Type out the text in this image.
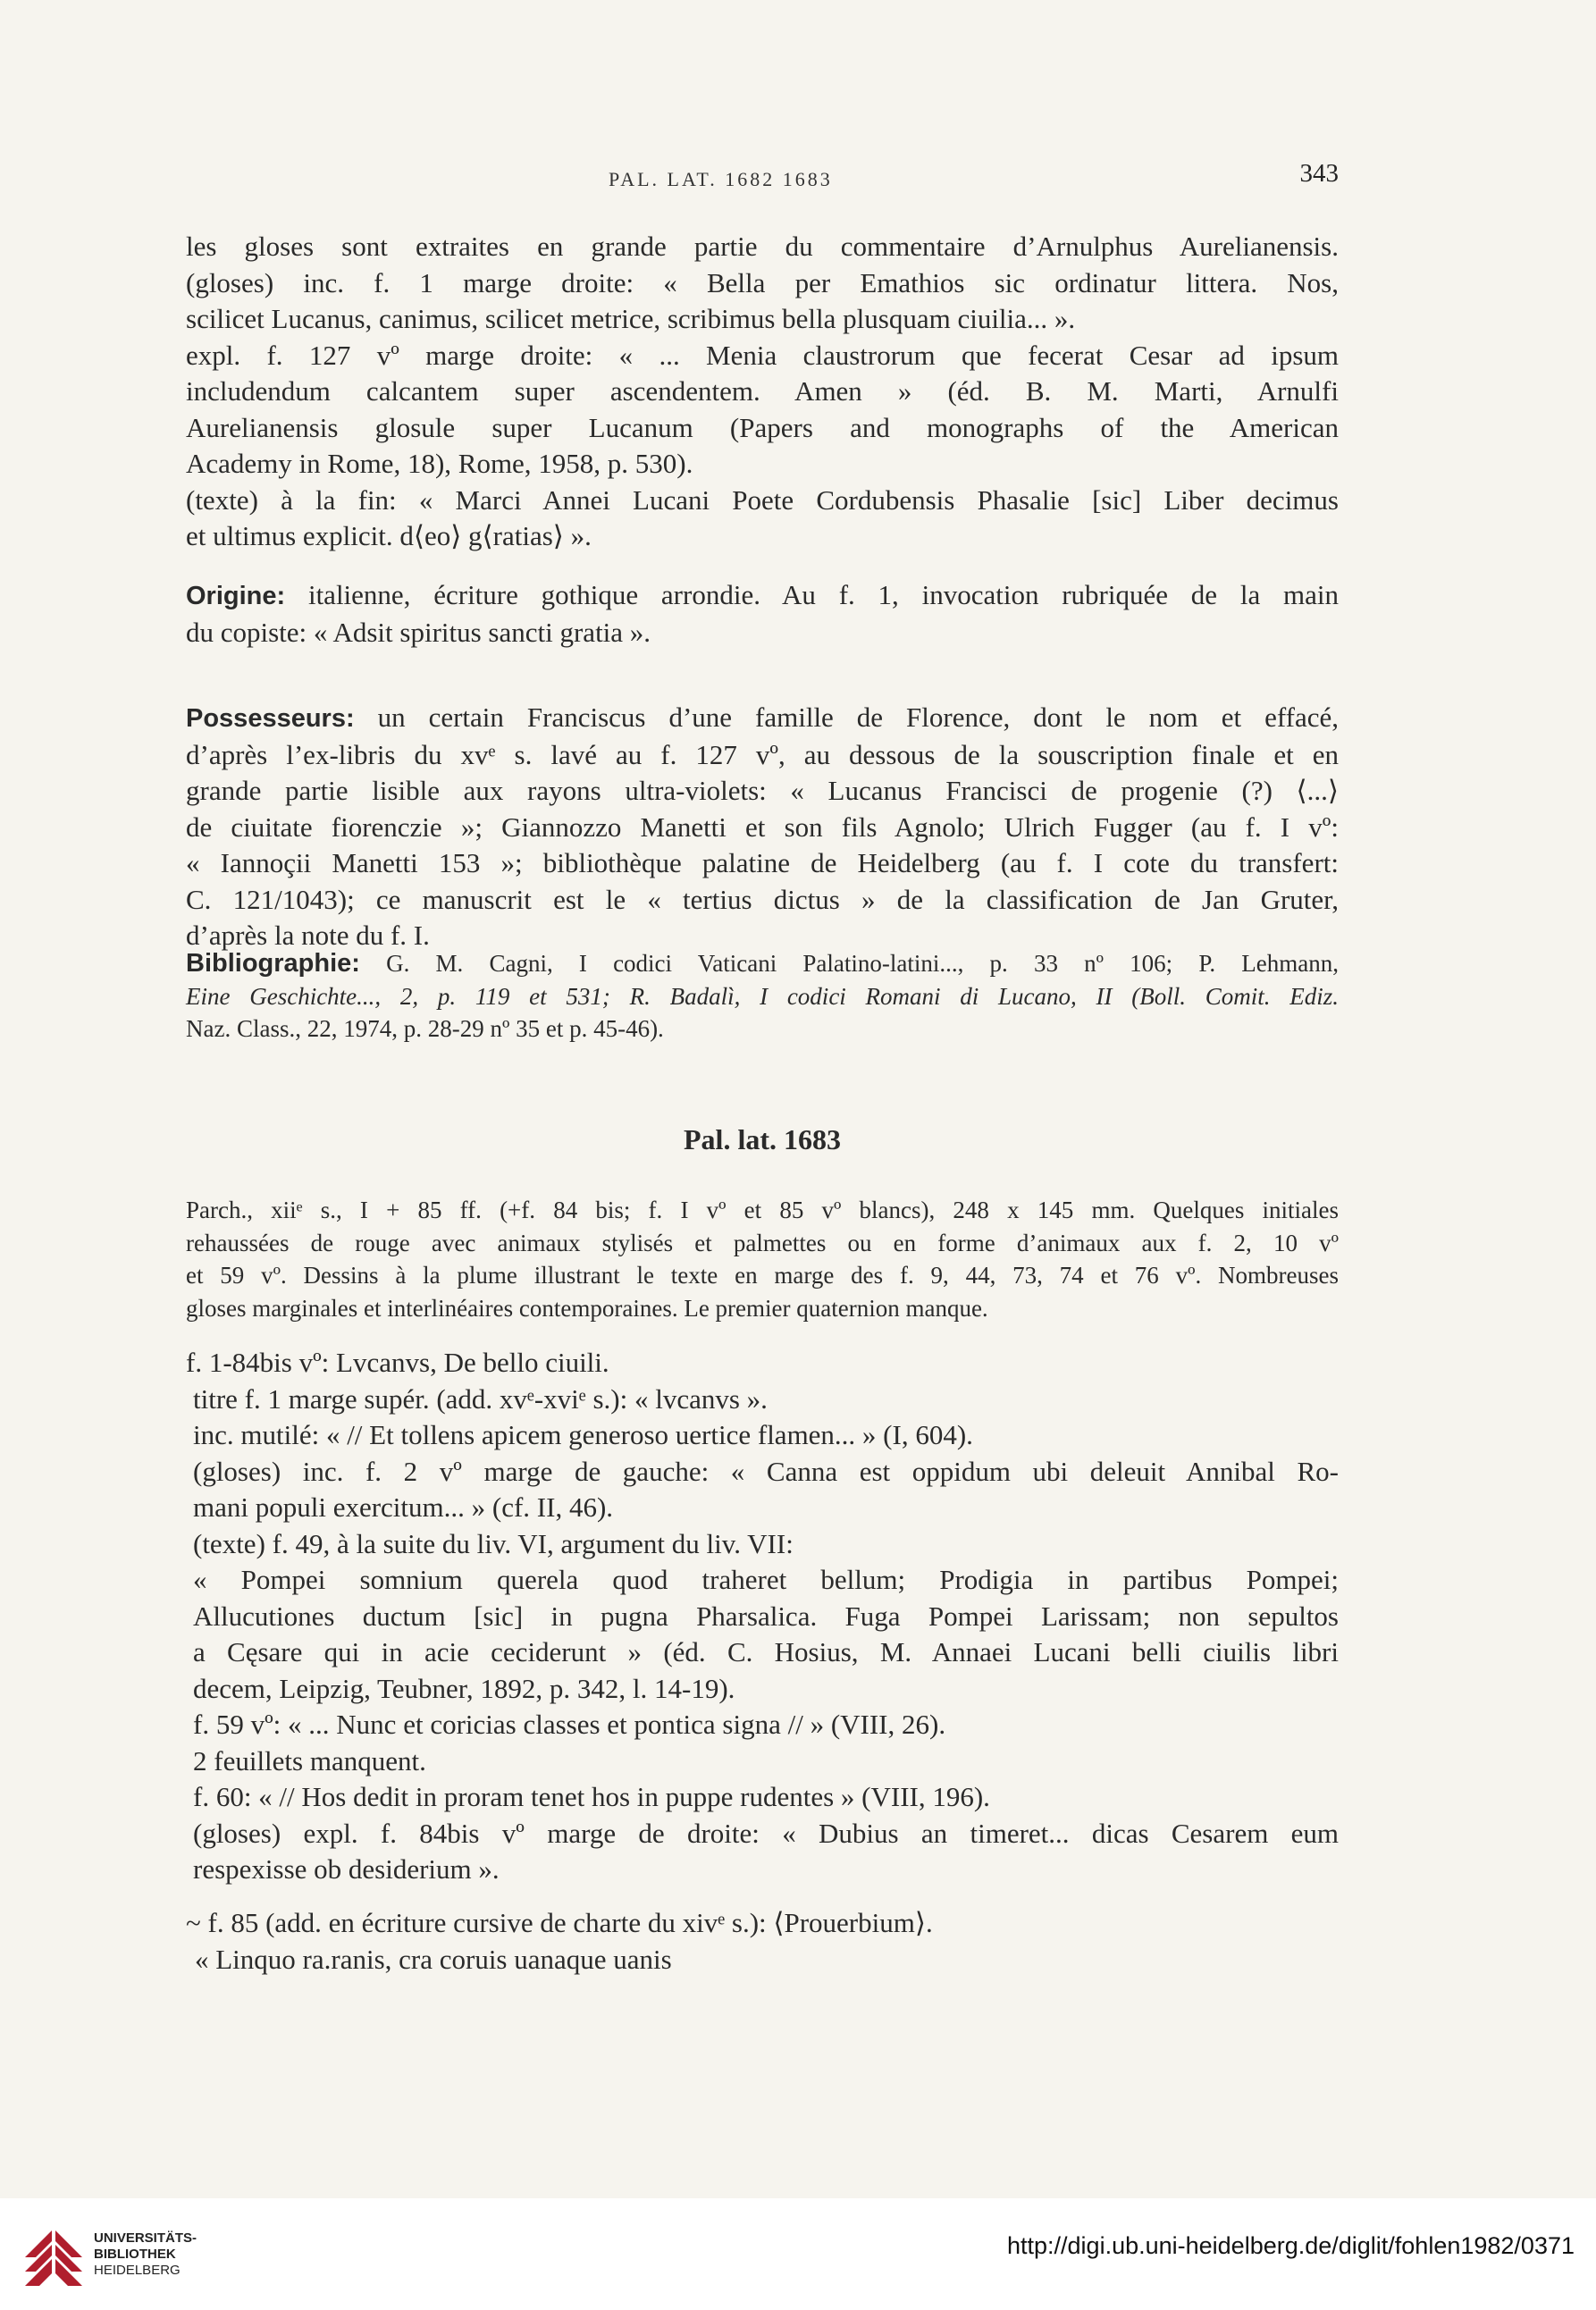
PAL. LAT. 1682 1683	343
les gloses sont extraites en grande partie du commentaire d’Arnulphus Aurelianensis.
(gloses) inc. f. 1 marge droite: « Bella per Emathios sic ordinatur littera. Nos,
scilicet Lucanus, canimus, scilicet metrice, scribimus bella plusquam ciuilia... ».
expl. f. 127 vº marge droite: « ... Menia claustrorum que fecerat Cesar ad ipsum
includendum calcantem super ascendentem. Amen » (éd. B. M. Marti, Arnulfi
Aurelianensis glosule super Lucanum (Papers and monographs of the American
Academy in Rome, 18), Rome, 1958, p. 530).
(texte) à la fin: « Marci Annei Lucani Poete Cordubensis Phasalie [sic] Liber decimus
et ultimus explicit. d⟨eo⟩ g⟨ratias⟩ ».
Origine: italienne, écriture gothique arrondie. Au f. 1, invocation rubriquée de la main
du copiste: « Adsit spiritus sancti gratia ».
Possesseurs: un certain Franciscus d’une famille de Florence, dont le nom et effacé,
d’après l’ex-libris du xvᵉ s. lavé au f. 127 vº, au dessous de la souscription finale et en
grande partie lisible aux rayons ultra-violets: « Lucanus Francisci de progenie (?) ⟨...⟩
de ciuitate fiorenczie »; Giannozzo Manetti et son fils Agnolo; Ulrich Fugger (au f. I vº:
« Iannoçii Manetti 153 »; bibliothèque palatine de Heidelberg (au f. I cote du transfert:
C. 121/1043); ce manuscrit est le « tertius dictus » de la classification de Jan Gruter,
d’après la note du f. I.
Bibliographie: G. M. Cagni, I codici Vaticani Palatino-latini..., p. 33 nº 106; P. Lehmann,
Eine Geschichte..., 2, p. 119 et 531; R. Badalì, I codici Romani di Lucano, II (Boll. Comit. Ediz.
Naz. Class., 22, 1974, p. 28-29 nº 35 et p. 45-46).
Pal. lat. 1683
Parch., xiiᵉ s., I + 85 ff. (+f. 84 bis; f. I vº et 85 vº blancs), 248 x 145 mm. Quelques initiales
rehaussées de rouge avec animaux stylisés et palmettes ou en forme d’animaux aux f. 2, 10 vº
et 59 vº. Dessins à la plume illustrant le texte en marge des f. 9, 44, 73, 74 et 76 vº. Nombreuses
gloses marginales et interlinéaires contemporaines. Le premier quaternion manque.
f. 1-84bis vº: Lvcanvs, De bello ciuili.
titre f. 1 marge supér. (add. xvᵉ-xviᵉ s.): « lvcanvs ».
inc. mutilé: « // Et tollens apicem generoso uertice flamen... » (I, 604).
(gloses) inc. f. 2 vº marge de gauche: « Canna est oppidum ubi deleuit Annibal Ro-
mani populi exercitum... » (cf. II, 46).
(texte) f. 49, à la suite du liv. VI, argument du liv. VII:
« Pompei somnium querela quod traheret bellum; Prodigia in partibus Pompei;
Allucutiones ductum [sic] in pugna Pharsalica. Fuga Pompei Larissam; non sepultos
a Cęsare qui in acie ceciderunt » (éd. C. Hosius, M. Annaei Lucani belli ciuilis libri
decem, Leipzig, Teubner, 1892, p. 342, l. 14-19).
f. 59 vº: « ... Nunc et coricias classes et pontica signa // » (VIII, 26).
2 feuillets manquent.
f. 60: « // Hos dedit in proram tenet hos in puppe rudentes » (VIII, 196).
(gloses) expl. f. 84bis vº marge de droite: « Dubius an timeret... dicas Cesarem eum
respexisse ob desiderium ».
~ f. 85 (add. en écriture cursive de charte du xivᵉ s.): ⟨Prouerbium⟩.
« Linquo ra.ranis, cra coruis uanaque uanis
UNIVERSITÄTS-
BIBLIOTHEK
HEIDELBERG
http://digi.ub.uni-heidelberg.de/diglit/fohlen1982/0371
